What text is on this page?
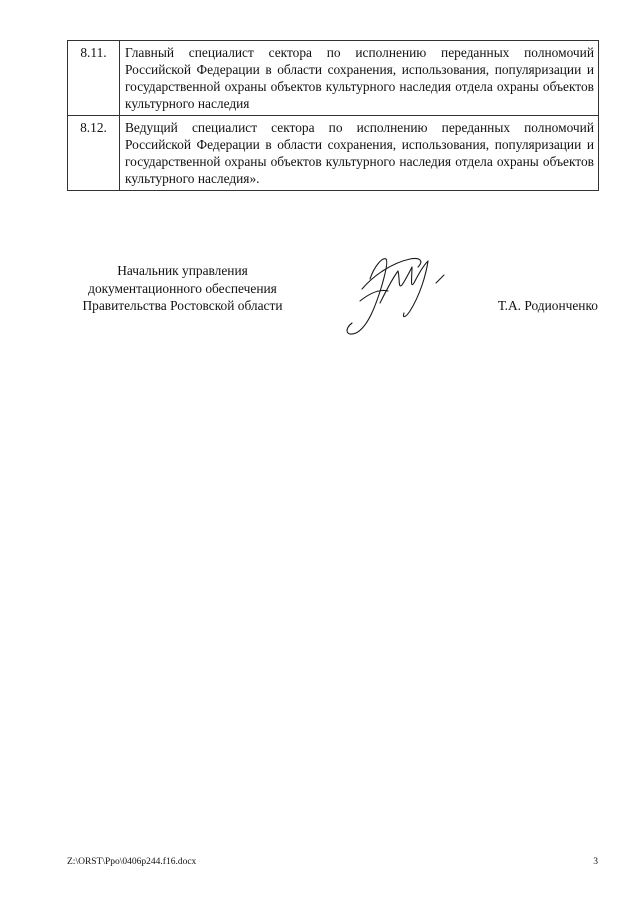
8.11.	Главный специалист сектора по исполнению переданных полномочий Российской Федерации в области сохранения, использования, популяризации и государственной охраны объектов культурного наследия отдела охраны объектов культурного наследия
8.12.	Ведущий специалист сектора по исполнению переданных полномочий Российской Федерации в области сохранения, использования, популяризации и государственной охраны объектов культурного наследия отдела охраны объектов культурного наследия».
Начальник управления
документационного обеспечения
Правительства Ростовской области	Т.А. Родионченко
Z:\ORST\Ppo\0406p244.f16.docx	3
